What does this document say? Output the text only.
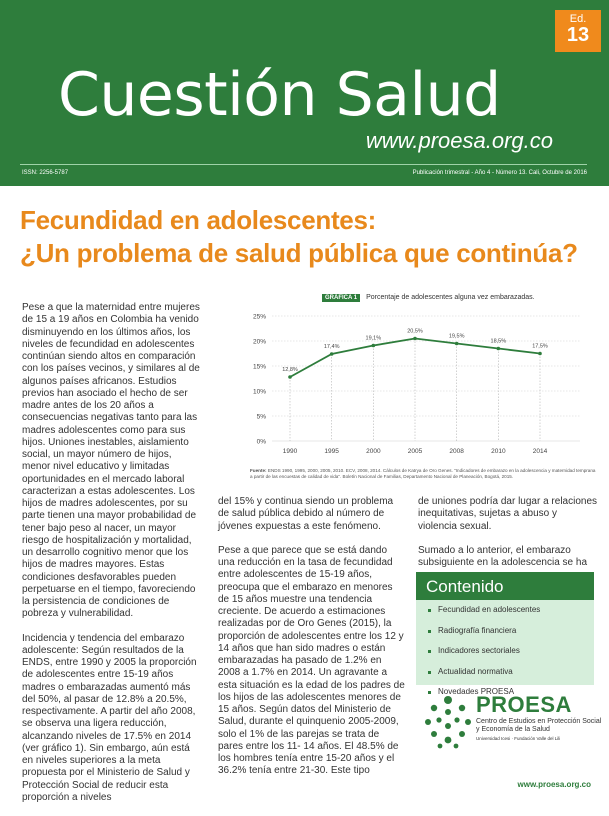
Ed.
13
Cuestión Salud
www.proesa.org.co
ISSN: 2256-5787	Publicación trimestral - Año 4 - Número 13. Cali, Octubre de 2016
Fecundidad en adolescentes:
¿Un problema de salud pública que continúa?

Pese a que la maternidad entre mujeres de 15 a 19 años en Colombia ha venido disminuyendo en los últimos años, los niveles de fecundidad en adolescentes continúan siendo altos en comparación con los países vecinos, y similares al de algunos países africanos. Estudios previos han asociado el hecho de ser madre antes de los 20 años a consecuencias negativas tanto para las madres adolescentes como para sus hijos. Uniones inestables, aislamiento social, un mayor número de hijos, menor nivel educativo y limitadas oportunidades en el mercado laboral caracterizan a estas adolescentes. Los hijos de madres adolescentes, por su parte tienen una mayor probabilidad de tener bajo peso al nacer, un mayor riesgo de hospitalización y mortalidad, un desarrollo cognitivo menor que los hijos de madres mayores. Estas condiciones desfavorables pueden perpetuarse en el tiempo, favoreciendo la persistencia de condiciones de pobreza y vulnerabilidad.

Incidencia y tendencia del embarazo adolescente: Según resultados de la ENDS, entre 1990 y 2005 la proporción de adolescentes entre 15-19 años madres o embarazadas aumentó más del 50%, al pasar de 12.8% a 20.5%, respectivamente. A partir del año 2008, se observa una ligera reducción, alcanzando niveles de 17.5% en 2014 (ver gráfico 1). Sin embargo, aún está en niveles superiores a la meta propuesta por el Ministerio de Salud y Protección Social de reducir esta proporción a niveles

GRÁFICA 1 Porcentaje de adolescentes alguna vez embarazadas.
0%
5%
10%
15%
20%
25%
12,8%
17,4%
19,1%
20,5%
19,5%
18,5%
17,5%
1990	1995	2000	2005	2008	2010	2014
Fuente: ENDS 1990, 1995, 2000, 2005, 2010. ECV, 2008, 2014. Cálculos de Katrya de Oro Genes. "Indicadores de embarazo en la adolescencia y maternidad temprana a partir de las encuestas de calidad de vida". Boletín Nacional de Familias, Departamento Nacional de Planeación, Bogotá, 2015.

del 15% y continua siendo un problema de salud pública debido al número de jóvenes expuestas a este fenómeno.

Pese a que parece que se está dando una reducción en la tasa de fecundidad entre adolescentes de 15-19 años, preocupa que el embarazo en menores de 15 años muestre una tendencia creciente. De acuerdo a estimaciones realizadas por de Oro Genes (2015), la proporción de adolescentes entre los 12 y 14 años que han sido madres o están embarazadas ha pasado de 1.2% en 2008 a 1.7% en 2014. Un agravante a esta situación es la edad de los padres de los hijos de las adolescentes menores de 15 años. Según datos del Ministerio de Salud, durante el quinquenio 2005-2009, solo el 1% de las parejas se trata de pares entre los 11- 14 años. El 48.5% de los hombres tenía entre 15-20 años y el 36.2% tenía entre 21-30. Este tipo

de uniones podría dar lugar a relaciones inequitativas, sujetas a abuso y violencia sexual.

Sumado a lo anterior, el embarazo subsiguiente en la adolescencia se ha

Contenido
Fecundidad en adolescentes
Radiografía financiera
Indicadores sectoriales
Actualidad normativa
Novedades PROESA
PROESA
Centro de Estudios en Protección Social y Economía de la Salud
Universidad Icesi · Fundación Valle del Lili
www.proesa.org.co
